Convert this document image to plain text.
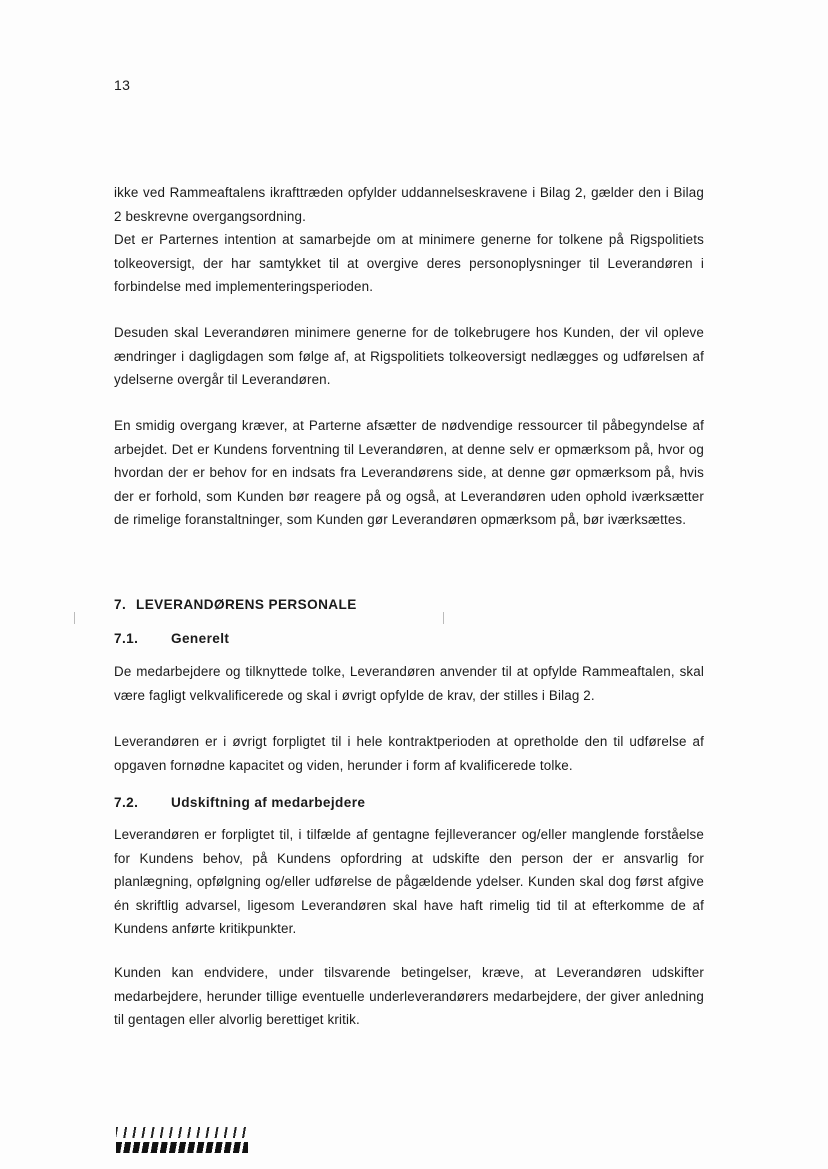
13

ikke ved Rammeaftalens ikrafttræden opfylder uddannelseskravene i Bilag 2, gælder den i Bilag 2 beskrevne overgangsordning.

Det er Parternes intention at samarbejde om at minimere generne for tolkene på Rigspolitiets tolkeoversigt, der har samtykket til at overgive deres personoplysninger til Leverandøren i forbindelse med implementeringsperioden.

Desuden skal Leverandøren minimere generne for de tolkebrugere hos Kunden, der vil opleve ændringer i dagligdagen som følge af, at Rigspolitiets tolkeoversigt nedlægges og udførelsen af ydelserne overgår til Leverandøren.

En smidig overgang kræver, at Parterne afsætter de nødvendige ressourcer til påbegyndelse af arbejdet. Det er Kundens forventning til Leverandøren, at denne selv er opmærksom på, hvor og hvordan der er behov for en indsats fra Leverandørens side, at denne gør opmærksom på, hvis der er forhold, som Kunden bør reagere på og også, at Leverandøren uden ophold iværksætter de rimelige foranstaltninger, som Kunden gør Leverandøren opmærksom på, bør iværksættes.

7. LEVERANDØRENS PERSONALE
7.1.	Generelt

De medarbejdere og tilknyttede tolke, Leverandøren anvender til at opfylde Rammeaftalen, skal være fagligt velkvalificerede og skal i øvrigt opfylde de krav, der stilles i Bilag 2.

Leverandøren er i øvrigt forpligtet til i hele kontraktperioden at opretholde den til udførelse af opgaven fornødne kapacitet og viden, herunder i form af kvalificerede tolke.

7.2.	Udskiftning af medarbejdere

Leverandøren er forpligtet til, i tilfælde af gentagne fejlleverancer og/eller manglende forståelse for Kundens behov, på Kundens opfordring at udskifte den person der er ansvarlig for planlægning, opfølgning og/eller udførelse de pågældende ydelser. Kunden skal dog først afgive én skriftlig advarsel, ligesom Leverandøren skal have haft rimelig tid til at efterkomme de af Kundens anførte kritikpunkter.

Kunden kan endvidere, under tilsvarende betingelser, kræve, at Leverandøren udskifter medarbejdere, herunder tillige eventuelle underleverandørers medarbejdere, der giver anledning til gentagen eller alvorlig berettiget kritik.
